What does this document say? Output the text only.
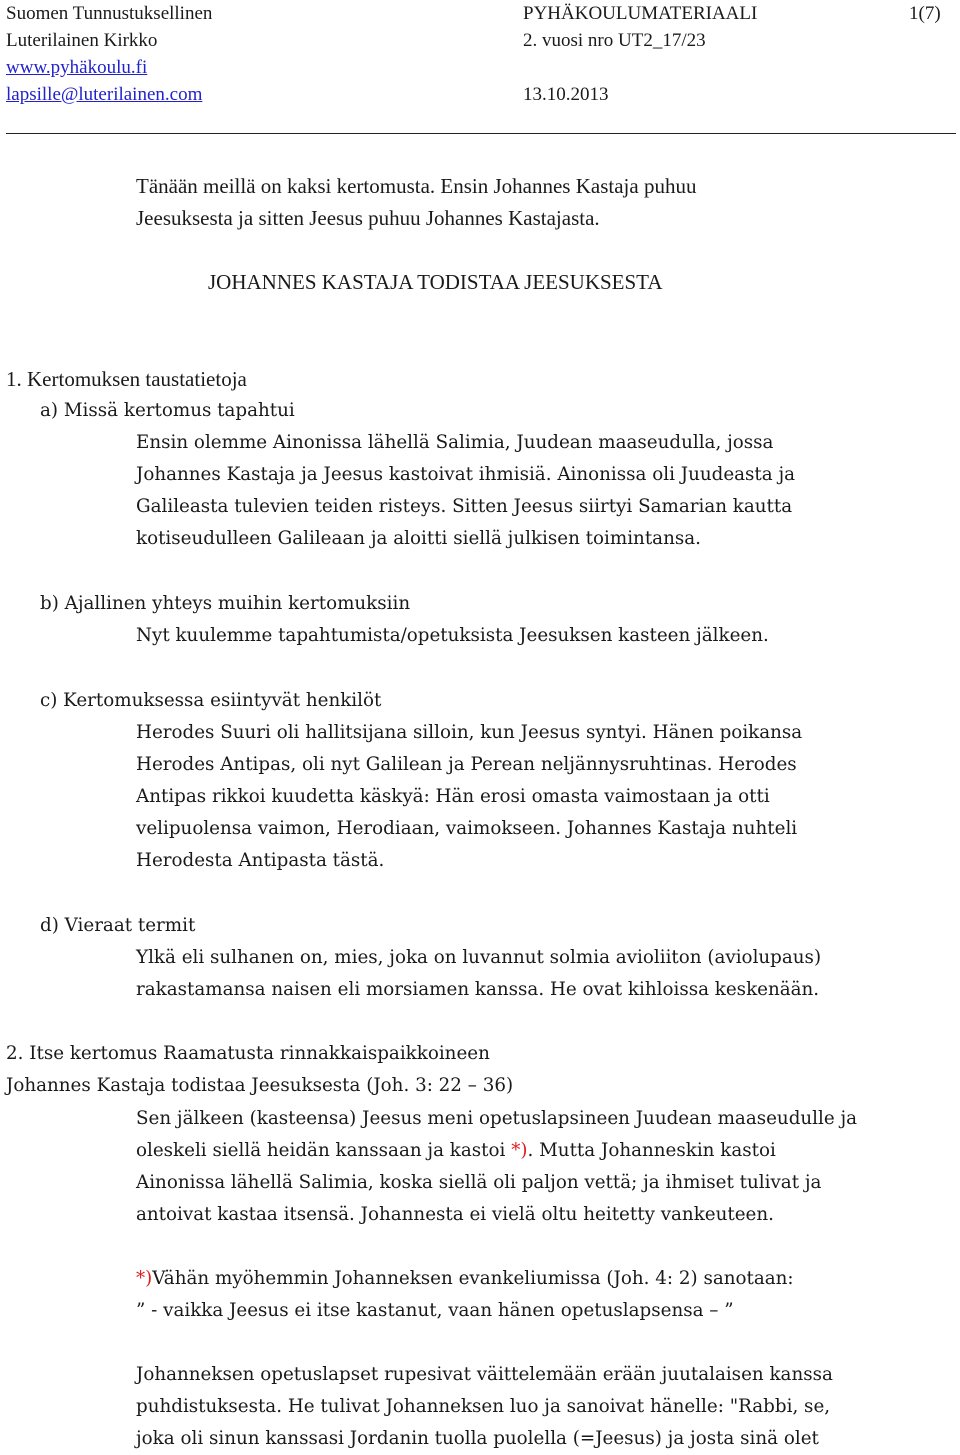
Suomen Tunnustuksellinen
Luterilainen Kirkko
www.pyhäkoulu.fi
lapsille@luterilainen.com
PYHÄKOULUMATERIAALI
2. vuosi nro UT2_17/23

13.10.2013
1(7)
Tänään meillä on kaksi kertomusta. Ensin Johannes Kastaja puhuu
Jeesuksesta ja sitten Jeesus puhuu Johannes Kastajasta.
JOHANNES KASTAJA TODISTAA JEESUKSESTA
1. Kertomuksen taustatietoja
a) Missä kertomus tapahtui
Ensin olemme Ainonissa lähellä Salimia, Juudean maaseudulla, jossa
Johannes Kastaja ja Jeesus kastoivat ihmisiä. Ainonissa oli Juudeasta ja
Galileasta tulevien teiden risteys. Sitten Jeesus siirtyi Samarian kautta
kotiseudulleen Galileaan ja aloitti siellä julkisen toimintansa.
b) Ajallinen yhteys muihin kertomuksiin
Nyt kuulemme tapahtumista/opetuksista Jeesuksen kasteen jälkeen.
c) Kertomuksessa esiintyvät henkilöt
Herodes Suuri oli hallitsijana silloin, kun Jeesus syntyi. Hänen poikansa
Herodes Antipas, oli nyt Galilean ja Perean neljännysruhtinas. Herodes
Antipas rikkoi kuudetta käskyä: Hän erosi omasta vaimostaan ja otti
velipuolensa vaimon, Herodiaan, vaimokseen. Johannes Kastaja nuhteli
Herodesta Antipasta tästä.
d) Vieraat termit
Ylkä eli sulhanen on, mies, joka on luvannut solmia avioliiton (aviolupaus)
rakastamansa naisen eli morsiamen kanssa. He ovat kihloissa keskenään.
2. Itse kertomus Raamatusta rinnakkaispaikkoineen
Johannes Kastaja todistaa Jeesuksesta (Joh. 3: 22 – 36)
Sen jälkeen (kasteensa) Jeesus meni opetuslapsineen Juudean maaseudulle ja
oleskeli siellä heidän kanssaan ja kastoi *). Mutta Johanneskin kastoi
Ainonissa lähellä Salimia, koska siellä oli paljon vettä; ja ihmiset tulivat ja
antoivat kastaa itsensä. Johannesta ei vielä oltu heitetty vankeuteen.
*)Vähän myöhemmin Johanneksen evankeliumissa (Joh. 4: 2) sanotaan:
” - vaikka Jeesus ei itse kastanut, vaan hänen opetuslapsensa – ”
Johanneksen opetuslapset rupesivat väittelemään erään juutalaisen kanssa
puhdistuksesta. He tulivat Johanneksen luo ja sanoivat hänelle: "Rabbi, se,
joka oli sinun kanssasi Jordanin tuolla puolella (=Jeesus) ja josta sinä olet
